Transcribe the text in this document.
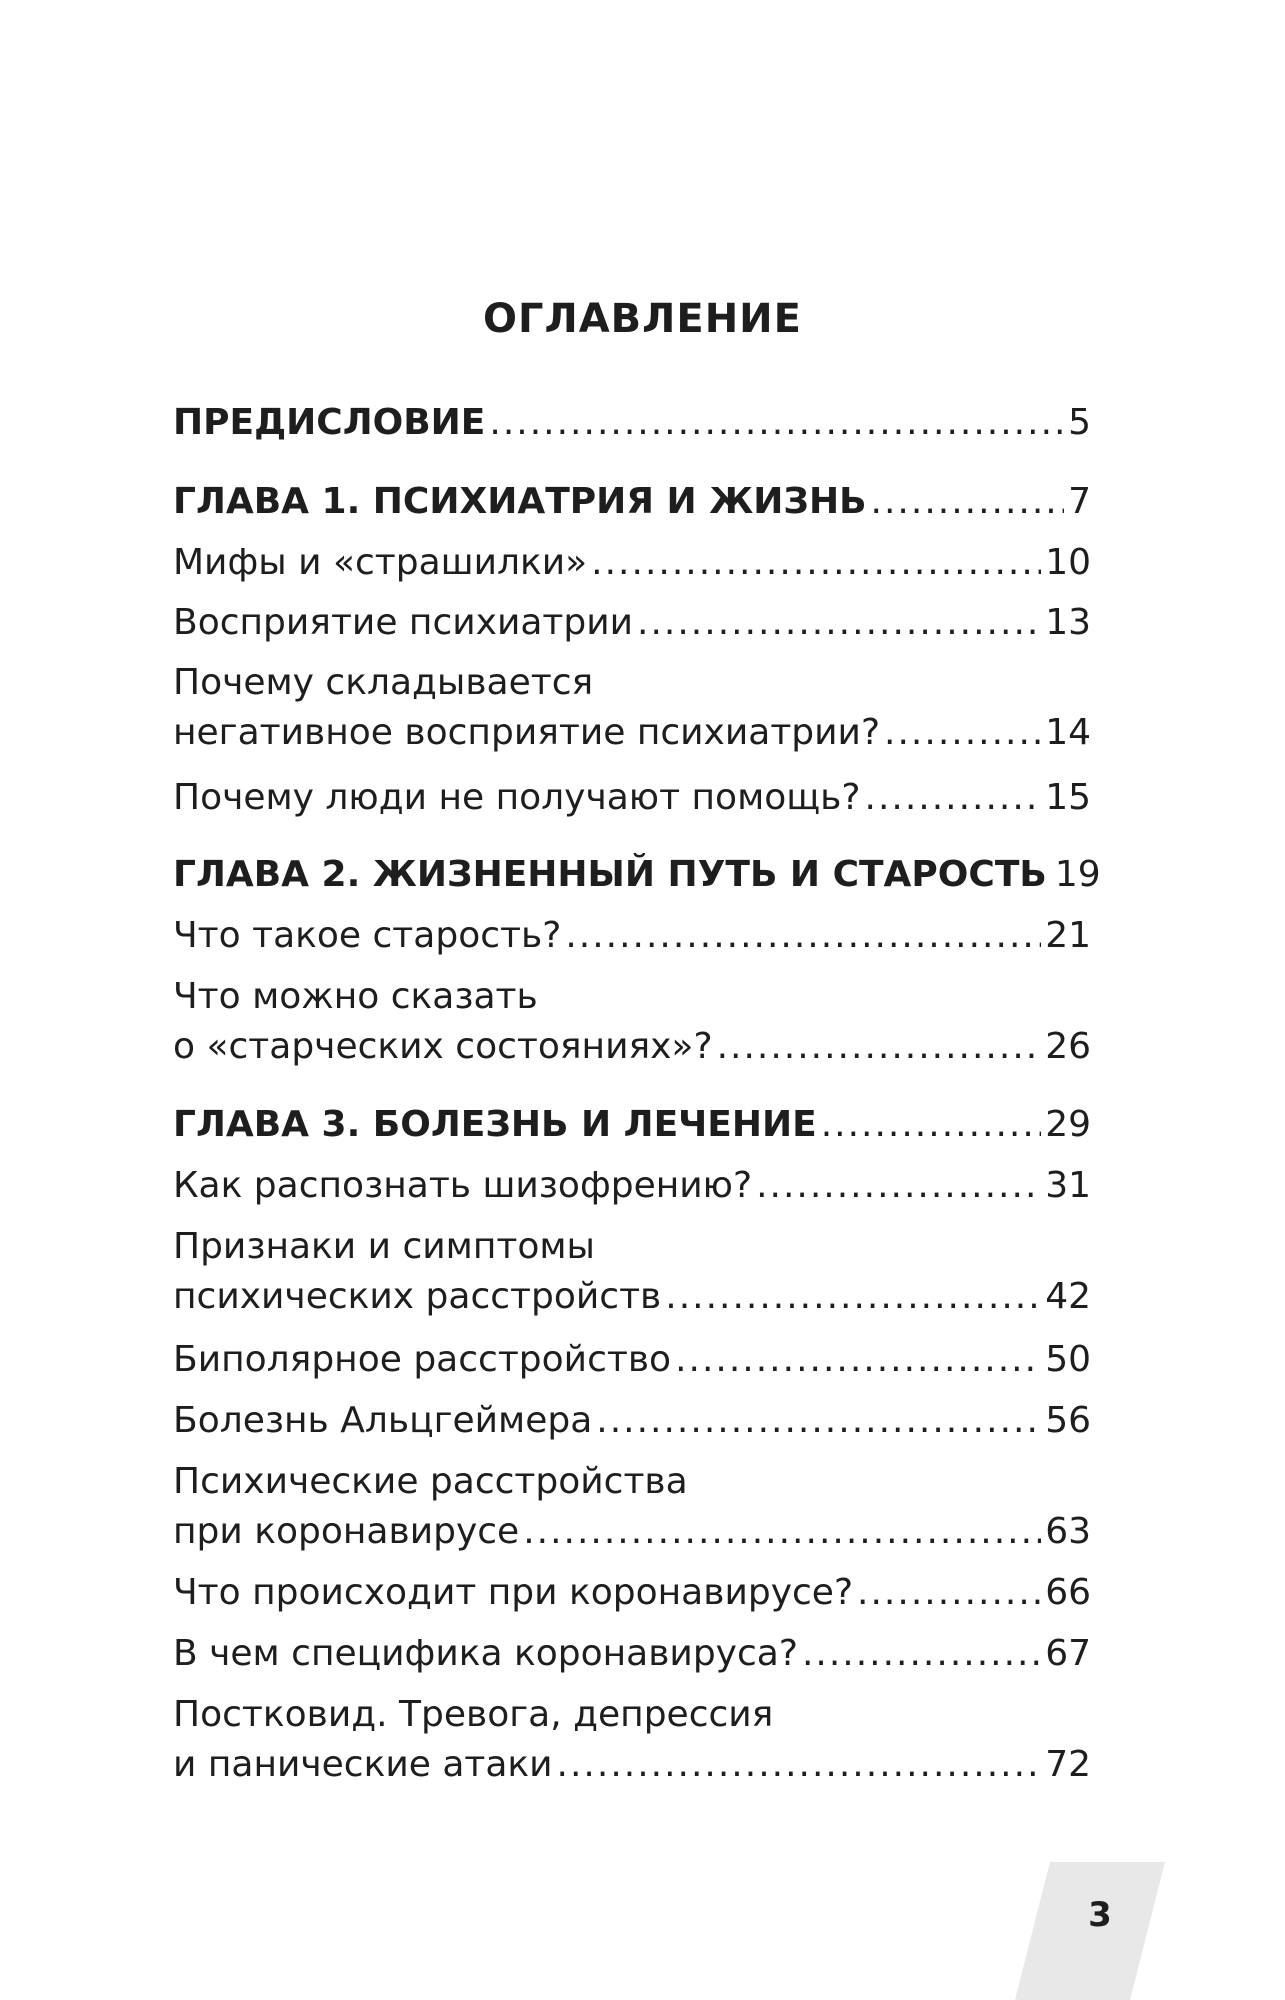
ОГЛАВЛЕНИЕ
ПРЕДИСЛОВИЕ .....	5
ГЛАВА 1. ПСИХИАТРИЯ И ЖИЗНЬ .....	7
Мифы и «страшилки» .....	10
Восприятие психиатрии .....	13
Почему складывается
негативное восприятие психиатрии? .....	14
Почему люди не получают помощь? .....	15
ГЛАВА 2. ЖИЗНЕННЫЙ ПУТЬ И СТАРОСТЬ 19
Что такое старость? .....	21
Что можно сказать
о «старческих состояниях»? .....	26
ГЛАВА 3. БОЛЕЗНЬ И ЛЕЧЕНИЕ .....	29
Как распознать шизофрению? .....	31
Признаки и симптомы
психических расстройств .....	42
Биполярное расстройство .....	50
Болезнь Альцгеймера .....	56
Психические расстройства
при коронавирусе .....	63
Что происходит при коронавирусе? .....	66
В чем специфика коронавируса? .....	67
Постковид. Тревога, депрессия
и панические атаки .....	72
3
